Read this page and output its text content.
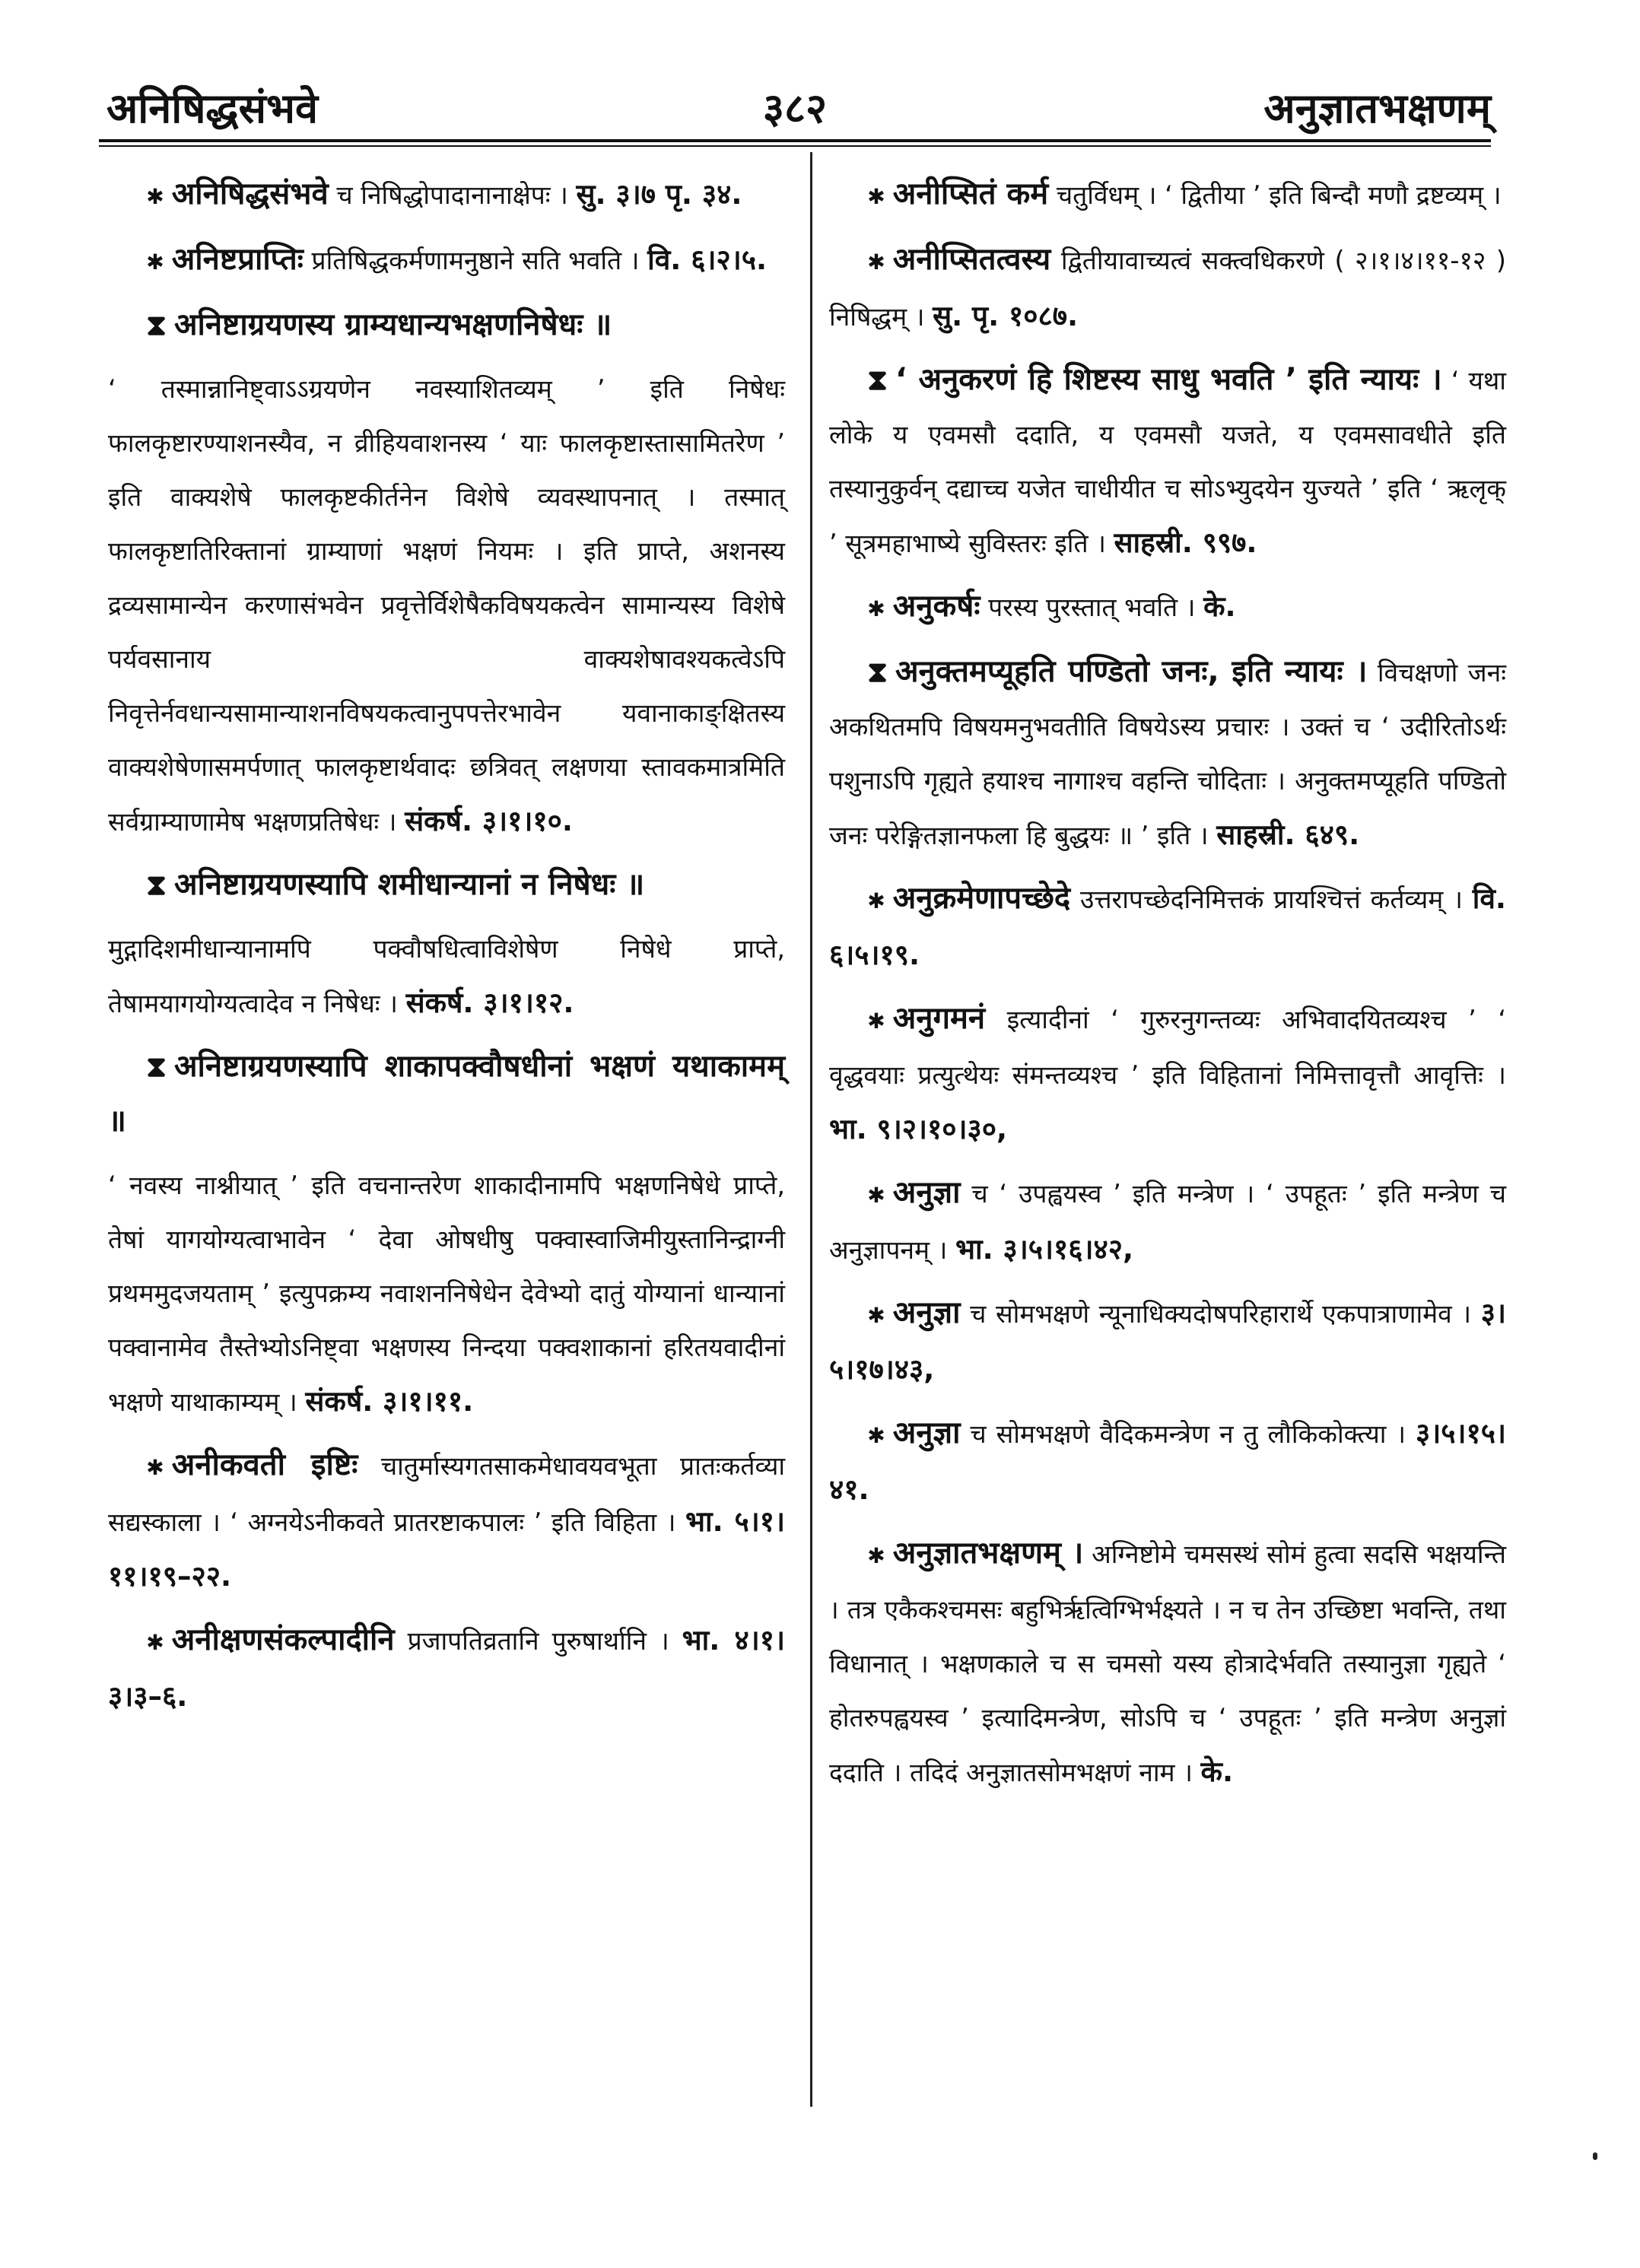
अनिषिद्धसंभवे	३८२	अनुज्ञातभक्षणम्

✱ अनिषिद्धसंभवे च निषिद्धोपादानानाक्षेपः । सु. ३।७ पृ. ३४.

✱ अनिष्टप्राप्तिः प्रतिषिद्धकर्मणामनुष्ठाने सति भवति । वि. ६।२।५.

⧗ अनिष्टाग्रयणस्य ग्राम्यधान्यभक्षणनिषेधः ॥

‘ तस्मान्नानिष्ट्वाऽऽग्रयणेन नवस्याशितव्यम् ’ इति निषेधः फालकृष्टारण्याशनस्यैव, न व्रीहियवाशनस्य ‘ याः फालकृष्टास्तासामितरेण ’ इति वाक्यशेषे फालकृष्टकीर्तनेन विशेषे व्यवस्थापनात् । तस्मात् फालकृष्टातिरिक्तानां ग्राम्याणां भक्षणं नियमः । इति प्राप्ते, अशनस्य द्रव्यसामान्येन करणासंभवेन प्रवृत्तेर्विशेषैकविषयकत्वेन सामान्यस्य विशेषे पर्यवसानाय वाक्यशेषावश्यकत्वेऽपि निवृत्तेर्नवधान्यसामान्याशनविषयकत्वानुपपत्तेरभावेन यवानाकाङ्क्षितस्य वाक्यशेषेणासमर्पणात् फालकृष्टार्थवादः छत्रिवत् लक्षणया स्तावकमात्रमिति सर्वग्राम्याणामेष भक्षणप्रतिषेधः । संकर्ष. ३।१।१०.

⧗ अनिष्टाग्रयणस्यापि शमीधान्यानां न निषेधः ॥

मुद्गादिशमीधान्यानामपि पक्वौषधित्वाविशेषेण निषेधे प्राप्ते, तेषामयागयोग्यत्वादेव न निषेधः । संकर्ष. ३।१।१२.

⧗ अनिष्टाग्रयणस्यापि शाकापक्वौषधीनां भक्षणं यथाकामम् ॥

‘ नवस्य नाश्नीयात् ’ इति वचनान्तरेण शाकादीनामपि भक्षणनिषेधे प्राप्ते, तेषां यागयोग्यत्वाभावेन ‘ देवा ओषधीषु पक्वास्वाजिमीयुस्तानिन्द्राग्नी प्रथममुदजयताम् ’ इत्युपक्रम्य नवाशननिषेधेन देवेभ्यो दातुं योग्यानां धान्यानां पक्वानामेव तैस्तेभ्योऽनिष्ट्वा भक्षणस्य निन्दया पक्वशाकानां हरितयवादीनां भक्षणे याथाकाम्यम् । संकर्ष. ३।१।११.

✱ अनीकवती इष्टिः चातुर्मास्यगतसाकमेधावयवभूता प्रातःकर्तव्या सद्यस्काला । ‘ अग्नयेऽनीकवते प्रातरष्टाकपालः ’ इति विहिता । भा. ५।१।११।१९–२२.

✱ अनीक्षणसंकल्पादीनि प्रजापतिव्रतानि पुरुषार्थानि । भा. ४।१।३।३–६.

✱ अनीप्सितं कर्म चतुर्विधम् । ‘ द्वितीया ’ इति बिन्दौ मणौ द्रष्टव्यम् ।

✱ अनीप्सितत्वस्य द्वितीयावाच्यत्वं सक्त्वधिकरणे ( २।१।४।११-१२ ) निषिद्धम् । सु. पृ. १०८७.

⧗ ‘ अनुकरणं हि शिष्टस्य साधु भवति ’ इति न्यायः । ‘ यथा लोके य एवमसौ ददाति, य एवमसौ यजते, य एवमसावधीते इति तस्यानुकुर्वन् दद्याच्च यजेत चाधीयीत च सोऽभ्युदयेन युज्यते ’ इति ‘ ऋलृक् ’ सूत्रमहाभाष्ये सुविस्तरः इति । साहस्री. ९९७.

✱ अनुकर्षः परस्य पुरस्तात् भवति । के.

⧗ अनुक्तमप्यूहति पण्डितो जनः, इति न्यायः । विचक्षणो जनः अकथितमपि विषयमनुभवतीति विषयेऽस्य प्रचारः । उक्तं च ‘ उदीरितोऽर्थः पशुनाऽपि गृह्यते हयाश्च नागाश्च वहन्ति चोदिताः । अनुक्तमप्यूहति पण्डितो जनः परेङ्गितज्ञानफला हि बुद्धयः ॥ ’ इति । साहस्री. ६४९.

✱ अनुक्रमेणापच्छेदे उत्तरापच्छेदनिमित्तकं प्रायश्चित्तं कर्तव्यम् । वि. ६।५।१९.

✱ अनुगमनं इत्यादीनां ‘ गुरुरनुगन्तव्यः अभिवादयितव्यश्च ’ ‘ वृद्धवयाः प्रत्युत्थेयः संमन्तव्यश्च ’ इति विहितानां निमित्तावृत्तौ आवृत्तिः । भा. ९।२।१०।३०,

✱ अनुज्ञा च ‘ उपह्वयस्व ’ इति मन्त्रेण । ‘ उपहूतः ’ इति मन्त्रेण च अनुज्ञापनम् । भा. ३।५।१६।४२,

✱ अनुज्ञा च सोमभक्षणे न्यूनाधिक्यदोषपरिहारार्थे एकपात्राणामेव । ३।५।१७।४३,

✱ अनुज्ञा च सोमभक्षणे वैदिकमन्त्रेण न तु लौकिकोक्त्या । ३।५।१५।४१.

✱ अनुज्ञातभक्षणम् । अग्निष्टोमे चमसस्थं सोमं हुत्वा सदसि भक्षयन्ति । तत्र एकैकश्चमसः बहुभिर्ऋत्विग्भिर्भक्ष्यते । न च तेन उच्छिष्टा भवन्ति, तथा विधानात् । भक्षणकाले च स चमसो यस्य होत्रादेर्भवति तस्यानुज्ञा गृह्यते ‘ होतरुपह्वयस्व ’ इत्यादिमन्त्रेण, सोऽपि च ‘ उपहूतः ’ इति मन्त्रेण अनुज्ञां ददाति । तदिदं अनुज्ञातसोमभक्षणं नाम । के.
